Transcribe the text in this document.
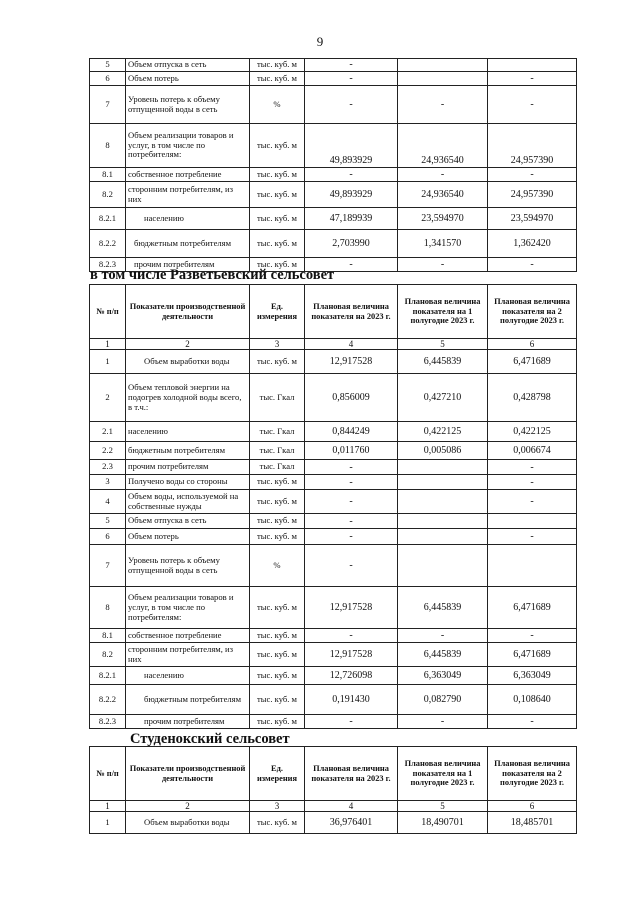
9
5	Объем отпуска в сеть	тыс. куб. м	-		
6	Объем потерь	тыс. куб. м	-		-
7	Уровень потерь к объему отпущенной воды в сеть	%	-	-	-
8	Объем реализации товаров и услуг, в том числе по потребителям:	тыс. куб. м	49,893929	24,936540	24,957390
8.1	собственное потребление	тыс. куб. м	-	-	-
8.2	сторонним потребителям, из них	тыс. куб. м	49,893929	24,936540	24,957390
8.2.1	населению	тыс. куб. м	47,189939	23,594970	23,594970
8.2.2	бюджетным потребителям	тыс. куб. м	2,703990	1,341570	1,362420
8.2.3	прочим потребителям	тыс. куб. м	-	-	-
в том числе Разветьевский сельсовет
№ п/п	Показатели производственной деятельности	Ед. измерения	Плановая величина показателя на 2023 г.	Плановая величина показателя на 1 полугодие 2023 г.	Плановая величина показателя на 2 полугодие 2023 г.
1	2	3	4	5	6
1	Объем выработки воды	тыс. куб. м	12,917528	6,445839	6,471689
2	Объем тепловой энергии на подогрев холодной воды всего, в т.ч.:	тыс. Гкал	0,856009	0,427210	0,428798
2.1	населению	тыс. Гкал	0,844249	0,422125	0,422125
2.2	бюджетным потребителям	тыс. Гкал	0,011760	0,005086	0,006674
2.3	прочим потребителям	тыс. Гкал	-		-
3	Получено воды со стороны	тыс. куб. м	-		-
4	Объем воды, используемой на собственные нужды	тыс. куб. м	-		-
5	Объем отпуска в сеть	тыс. куб. м	-		
6	Объем потерь	тыс. куб. м	-		-
7	Уровень потерь к объему отпущенной воды в сеть	%	-		
8	Объем реализации товаров и услуг, в том числе по потребителям:	тыс. куб. м	12,917528	6,445839	6,471689
8.1	собственное потребление	тыс. куб. м	-	-	-
8.2	сторонним потребителям, из них	тыс. куб. м	12,917528	6,445839	6,471689
8.2.1	населению	тыс. куб. м	12,726098	6,363049	6,363049
8.2.2	бюджетным потребителям	тыс. куб. м	0,191430	0,082790	0,108640
8.2.3	прочим потребителям	тыс. куб. м	-	-	-
Студенокский сельсовет
№ п/п	Показатели производственной деятельности	Ед. измерения	Плановая величина показателя на 2023 г.	Плановая величина показателя на 1 полугодие 2023 г.	Плановая величина показателя на 2 полугодие 2023 г.
1	2	3	4	5	6
1	Объем выработки воды	тыс. куб. м	36,976401	18,490701	18,485701
